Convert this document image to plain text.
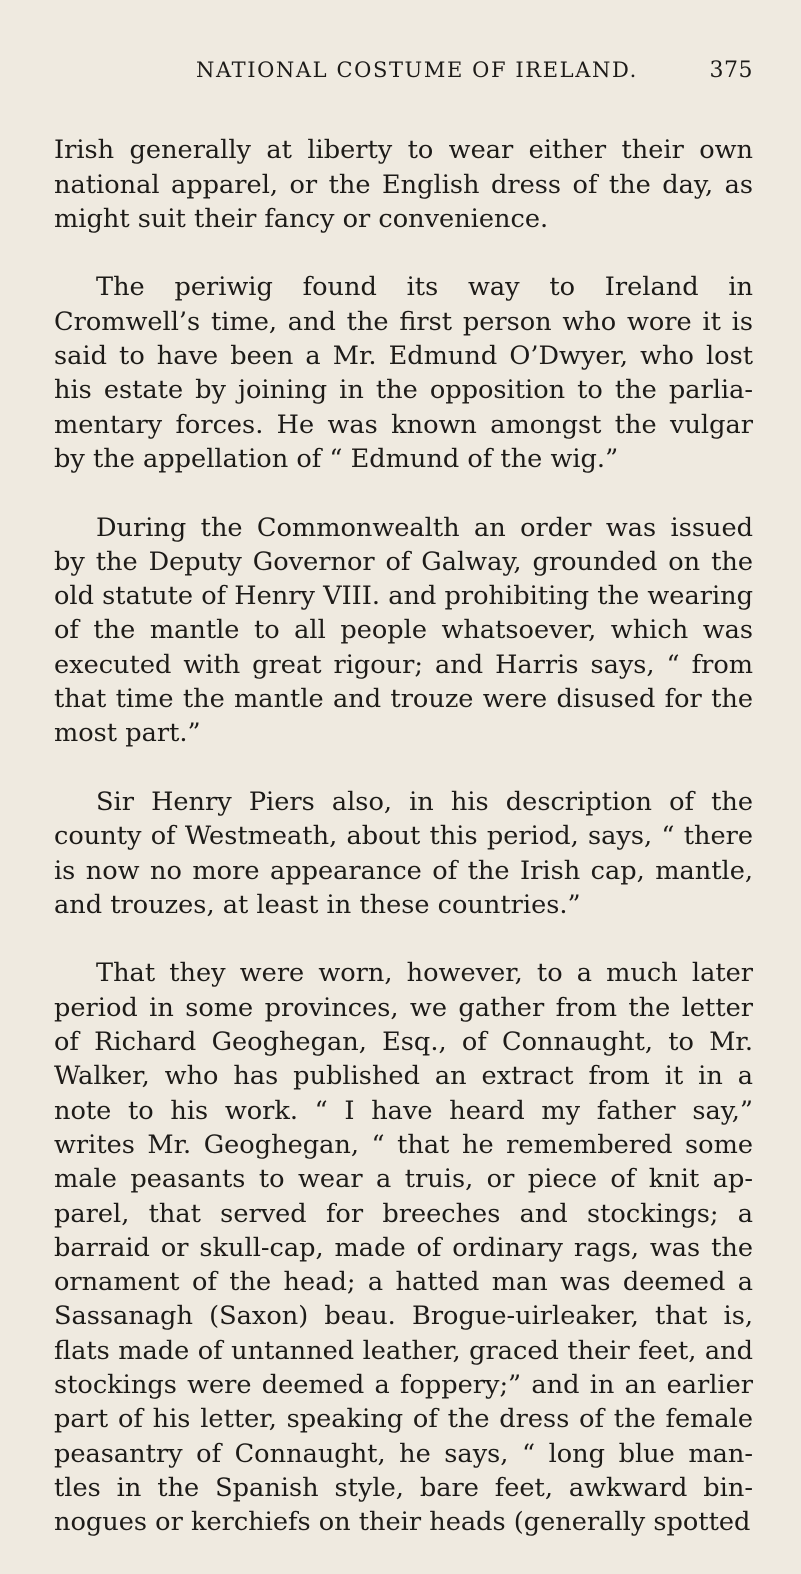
NATIONAL COSTUME OF IRELAND.	375

Irish generally at liberty to wear either their own national apparel, or the English dress of the day, as might suit their fancy or convenience.

The periwig found its way to Ireland in Cromwell’s time, and the first person who wore it is said to have been a Mr. Edmund O’Dwyer, who lost his estate by joining in the opposition to the parlia- mentary forces. He was known amongst the vulgar by the appellation of “ Edmund of the wig.”

During the Commonwealth an order was issued by the Deputy Governor of Galway, grounded on the old statute of Henry VIII. and prohibiting the wearing of the mantle to all people whatsoever, which was executed with great rigour; and Harris says, “ from that time the mantle and trouze were disused for the most part.”

Sir Henry Piers also, in his description of the county of Westmeath, about this period, says, “ there is now no more appearance of the Irish cap, mantle, and trouzes, at least in these countries.”

That they were worn, however, to a much later period in some provinces, we gather from the letter of Richard Geoghegan, Esq., of Connaught, to Mr. Walker, who has published an extract from it in a note to his work. “ I have heard my father say,” writes Mr. Geoghegan, “ that he remembered some male peasants to wear a truis, or piece of knit ap- parel, that served for breeches and stockings; a barraid or skull-cap, made of ordinary rags, was the ornament of the head; a hatted man was deemed a Sassanagh (Saxon) beau. Brogue-uirleaker, that is, flats made of untanned leather, graced their feet, and stockings were deemed a foppery;” and in an earlier part of his letter, speaking of the dress of the female peasantry of Connaught, he says, “ long blue man- tles in the Spanish style, bare feet, awkward bin- nogues or kerchiefs on their heads (generally spotted
